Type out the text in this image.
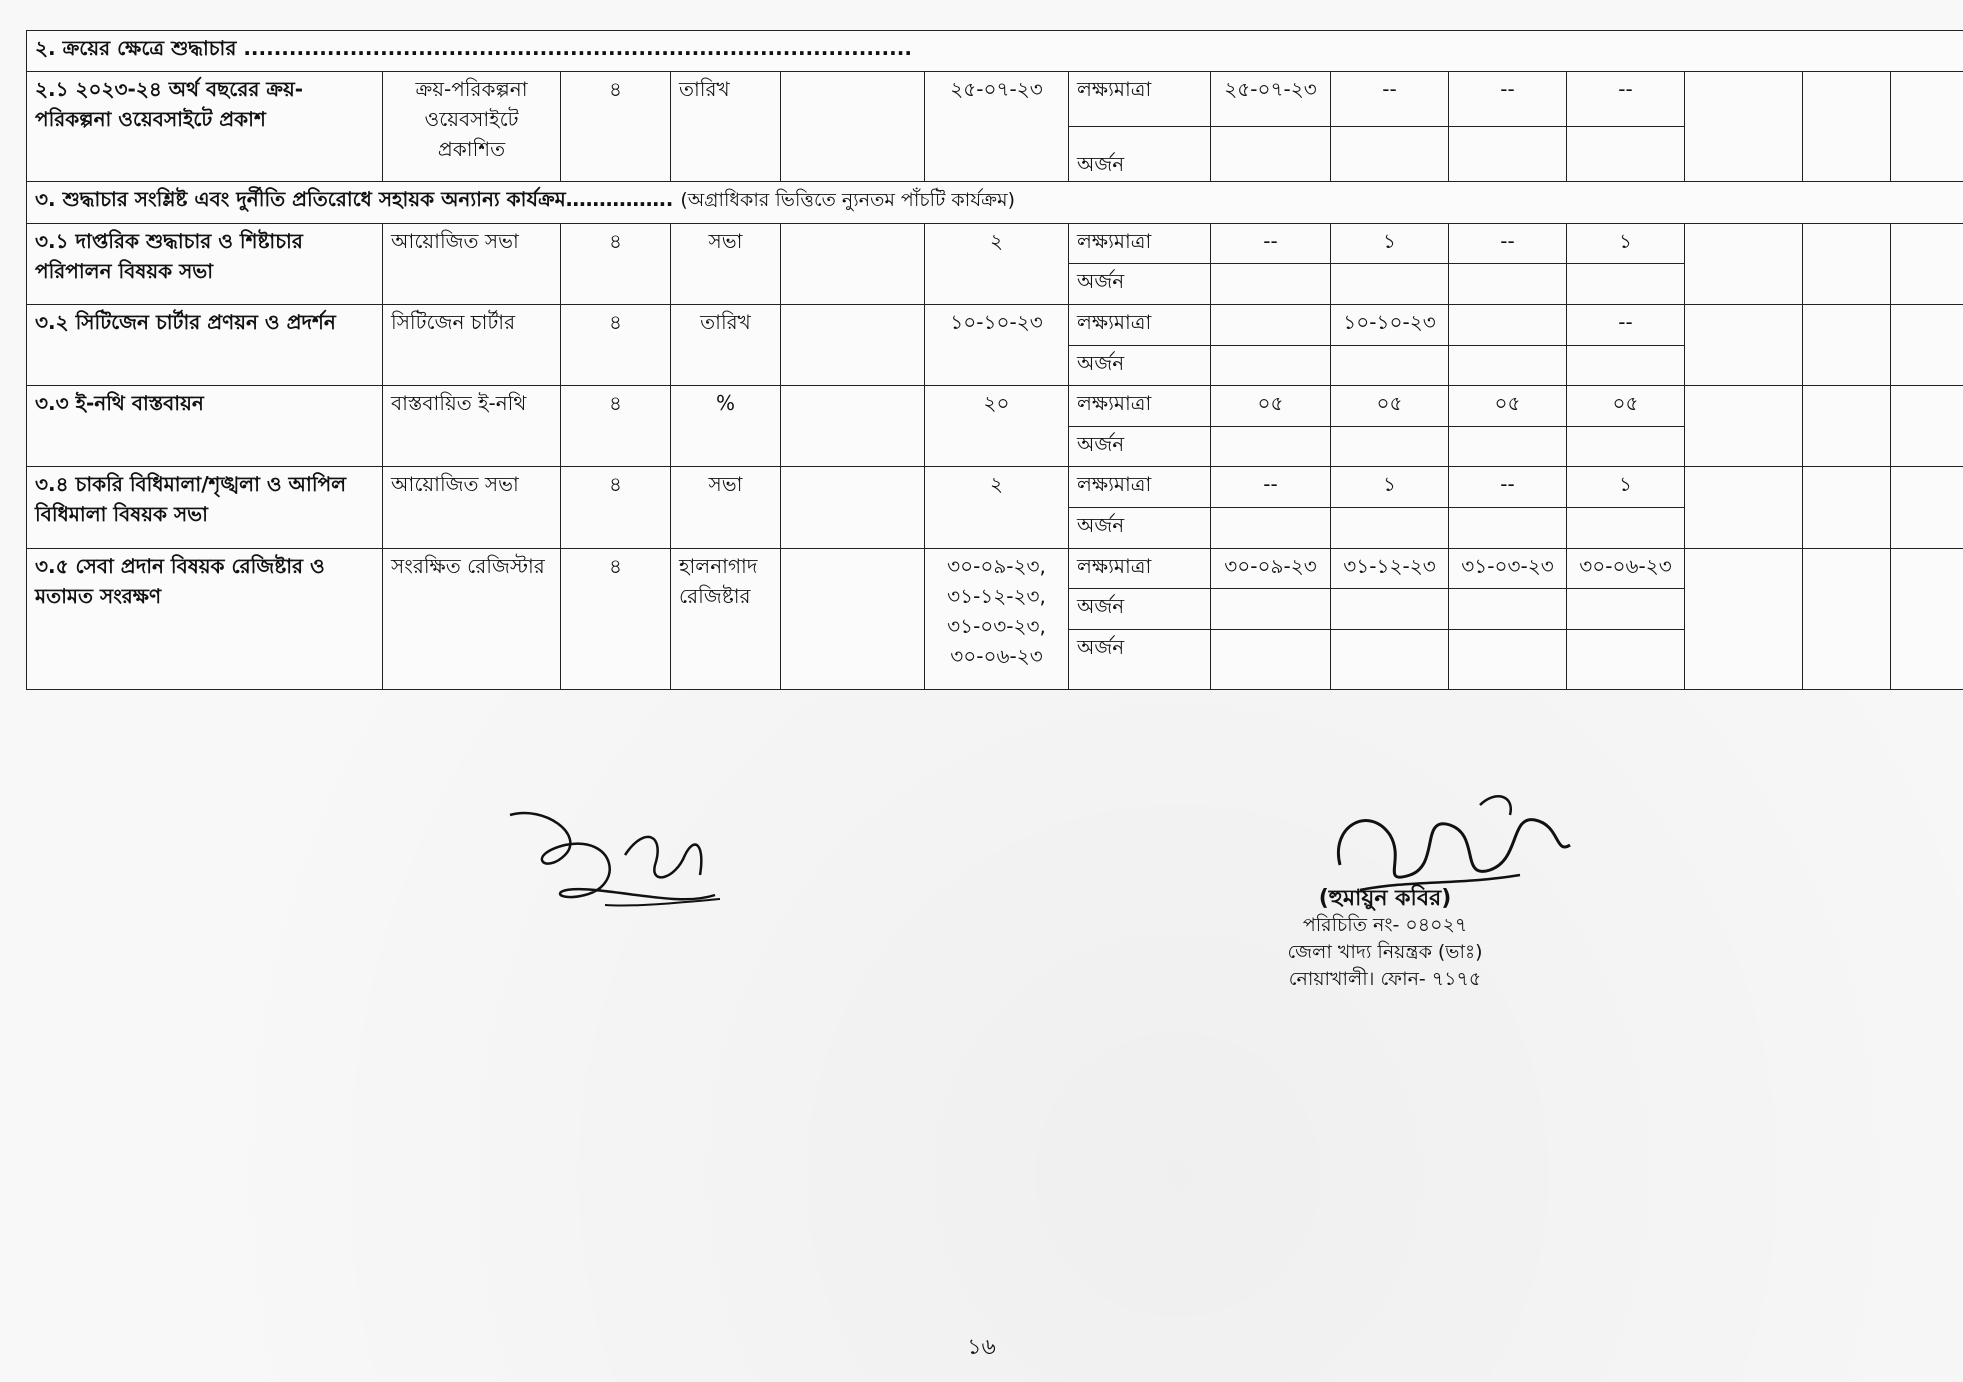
২. ক্রয়ের ক্ষেত্রে শুদ্ধাচার ........................................................................................															
২.১ ২০২৩-২৪ অর্থ বছরের ক্রয়-পরিকল্পনা ওয়েবসাইটে প্রকাশ	ক্রয়-পরিকল্পনা ওয়েবসাইটে প্রকাশিত	৪	তারিখ		২৫-০৭-২৩	লক্ষ্যমাত্রা	২৫-০৭-২৩	--	--	--					
						অর্জন									
৩. শুদ্ধাচার সংশ্লিষ্ট এবং দুর্নীতি প্রতিরোধে সহায়ক অন্যান্য কার্যক্রম……………. (অগ্রাধিকার ভিত্তিতে ন্যুনতম পাঁচটি কার্যক্রম)															
৩.১ দাপ্তরিক শুদ্ধাচার ও শিষ্টাচার পরিপালন বিষয়ক সভা	আয়োজিত সভা	৪	সভা		২	লক্ষ্যমাত্রা	--	১	--	১					
						অর্জন									
৩.২ সিটিজেন চার্টার প্রণয়ন ও প্রদর্শন	সিটিজেন চার্টার	৪	তারিখ		১০-১০-২৩	লক্ষ্যমাত্রা		১০-১০-২৩		--					
						অর্জন									
৩.৩ ই-নথি বাস্তবায়ন	বাস্তবায়িত ই-নথি	৪	%		২০	লক্ষ্যমাত্রা	০৫	০৫	০৫	০৫					
						অর্জন									
৩.৪ চাকরি বিধিমালা/শৃঙ্খলা ও আপিল বিধিমালা বিষয়ক সভা	আয়োজিত সভা	৪	সভা		২	লক্ষ্যমাত্রা	--	১	--	১					
						অর্জন									
৩.৫ সেবা প্রদান বিষয়ক রেজিষ্টার ও মতামত সংরক্ষণ	সংরক্ষিত রেজিস্টার	৪	হালনাগাদ রেজিষ্টার		৩০-০৯-২৩, ৩১-১২-২৩, ৩১-০৩-২৩, ৩০-০৬-২৩	লক্ষ্যমাত্রা	৩০-০৯-২৩	৩১-১২-২৩	৩১-০৩-২৩	৩০-০৬-২৩					
						অর্জন									
						অর্জন									
(হুমায়ুন কবির)
পরিচিতি নং- ০৪০২৭
জেলা খাদ্য নিয়ন্ত্রক (ভাঃ)
নোয়াখালী। ফোন- ৭১৭৫
১৬
